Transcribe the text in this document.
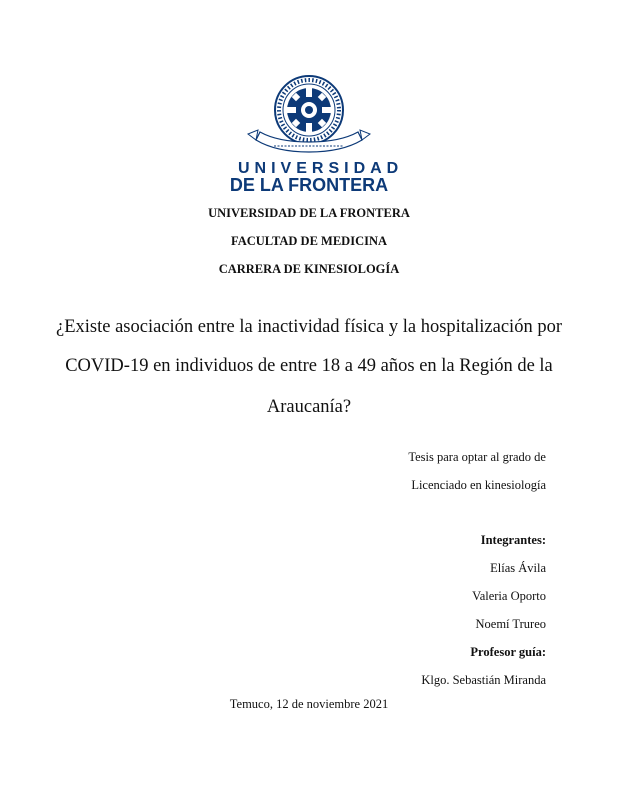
UNIVERSIDAD
DE LA FRONTERA
UNIVERSIDAD DE LA FRONTERA
FACULTAD DE MEDICINA
CARRERA DE KINESIOLOGÍA
¿Existe asociación entre la inactividad física y la hospitalización por
COVID-19 en individuos de entre 18 a 49 años en la Región de la
Araucanía?
Tesis para optar al grado de
Licenciado en kinesiología
Integrantes:
Elías Ávila
Valeria Oporto
Noemí Trureo
Profesor guía:
Klgo. Sebastián Miranda
Temuco, 12 de noviembre 2021
